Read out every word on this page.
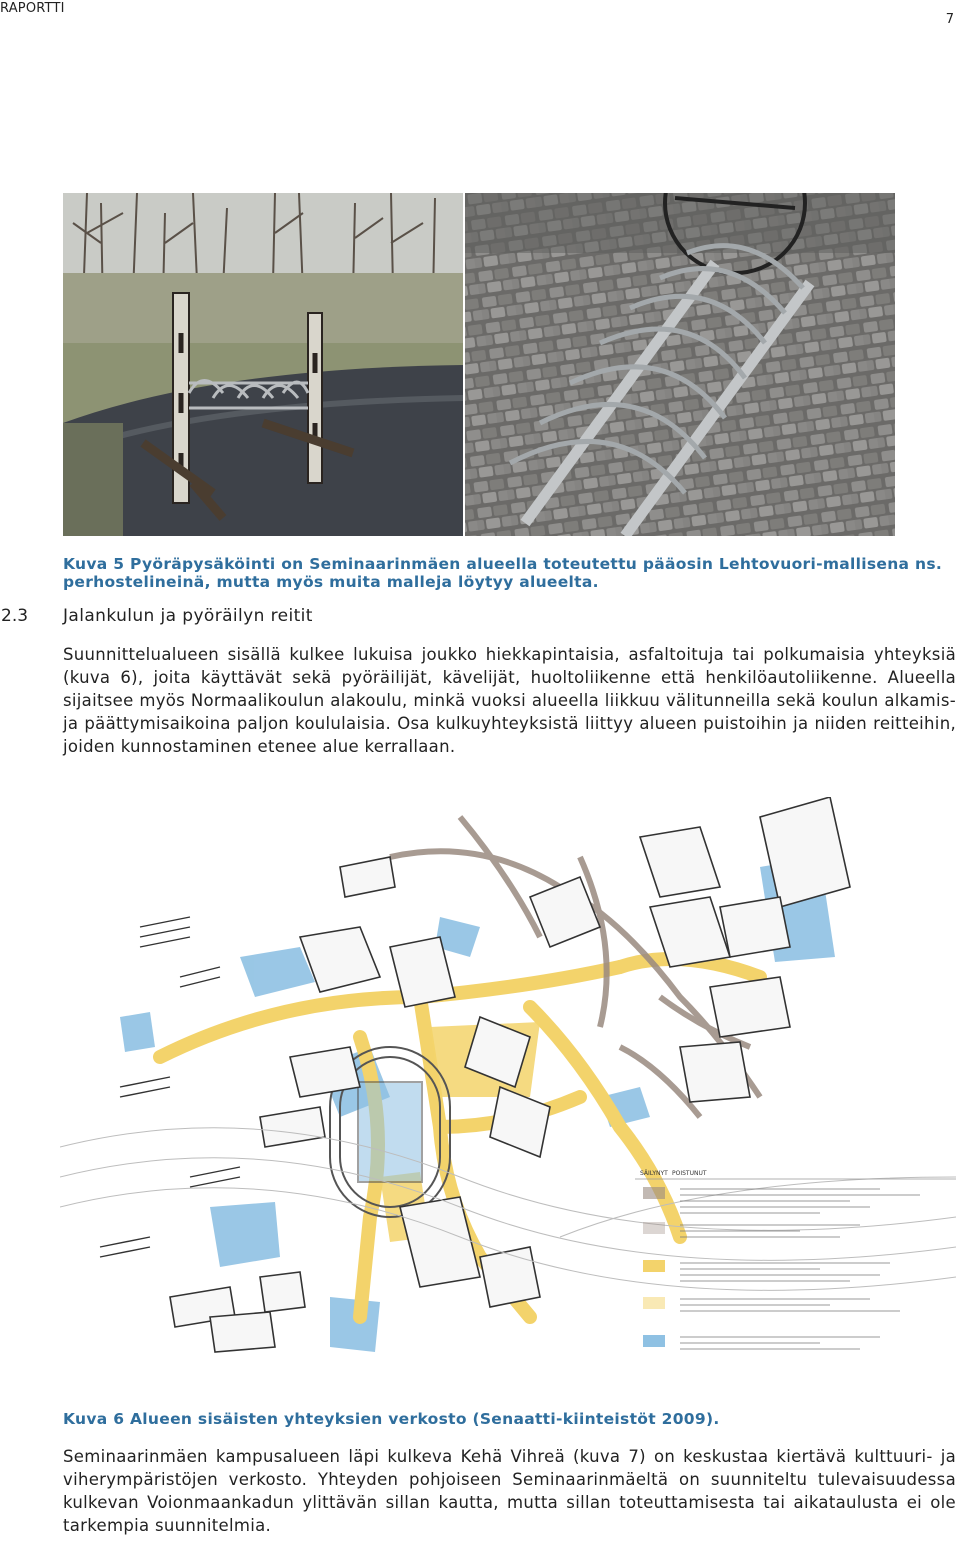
RAPORTTI
7
Kuva 5 Pyöräpysäköinti on Seminaarinmäen alueella toteutettu pääosin Lehtovuori-mallisena ns. perhostelineinä, mutta myös muita malleja löytyy alueelta.
2.3 Jalankulun ja pyöräilyn reitit
Suunnittelualueen sisällä kulkee lukuisa joukko hiekkapintaisia, asfaltoituja tai polkumaisia yhteyksiä (kuva 6), joita käyttävät sekä pyöräilijät, kävelijät, huoltoliikenne että henkilöautoliikenne. Alueella sijaitsee myös Normaalikoulun alakoulu, minkä vuoksi alueella liikkuu välitunneilla sekä koulun alkamis- ja päättymisaikoina paljon koululaisia. Osa kulkuyhteyksistä liittyy alueen puistoihin ja niiden reitteihin, joiden kunnostaminen etenee alue kerrallaan.
SÄILYNYT POISTUNUT
Kuva 6 Alueen sisäisten yhteyksien verkosto (Senaatti-kiinteistöt 2009).
Seminaarinmäen kampusalueen läpi kulkeva Kehä Vihreä (kuva 7) on keskustaa kiertävä kulttuuri- ja viherympäristöjen verkosto. Yhteyden pohjoiseen Seminaarinmäeltä on suunniteltu tulevaisuudessa kulkevan Voionmaankadun ylittävän sillan kautta, mutta sillan toteuttamisesta tai aikataulusta ei ole tarkempia suunnitelmia.
